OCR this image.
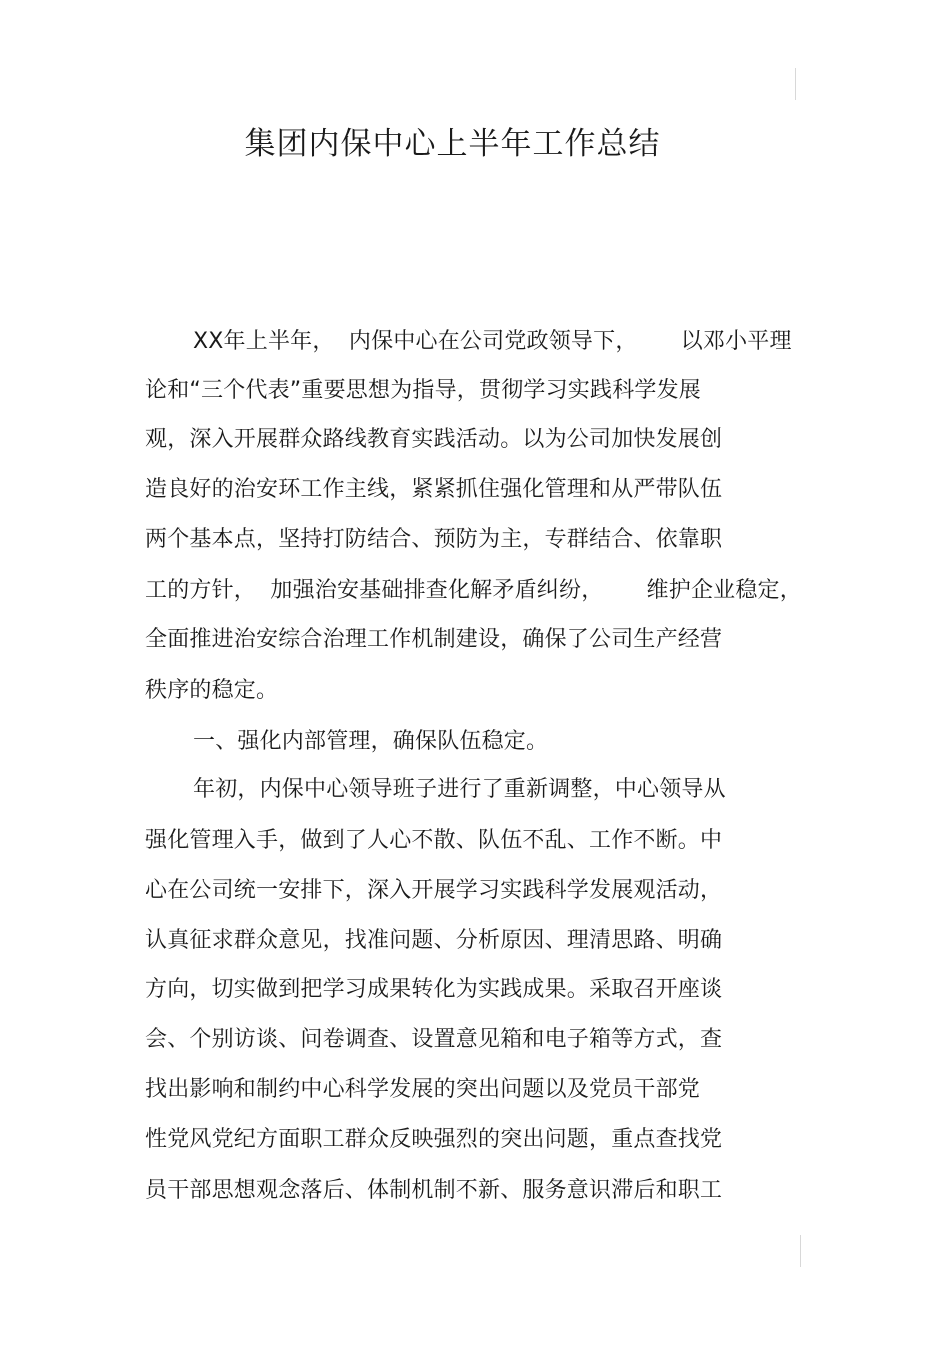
集团内保中心上半年工作总结
XX年上半年，  内保中心在公司党政领导下，      以邓小平理
论和“三个代表”重要思想为指导，贯彻学习实践科学发展
观，深入开展群众路线教育实践活动。以为公司加快发展创
造良好的治安环工作主线，紧紧抓住强化管理和从严带队伍
两个基本点，坚持打防结合、预防为主，专群结合、依靠职
工的方针，  加强治安基础排查化解矛盾纠纷，      维护企业稳定，
全面推进治安综合治理工作机制建设，确保了公司生产经营
秩序的稳定。
一、强化内部管理，确保队伍稳定。
年初，内保中心领导班子进行了重新调整，中心领导从
强化管理入手，做到了人心不散、队伍不乱、工作不断。中
心在公司统一安排下，深入开展学习实践科学发展观活动，
认真征求群众意见，找准问题、分析原因、理清思路、明确
方向，切实做到把学习成果转化为实践成果。采取召开座谈
会、个别访谈、问卷调查、设置意见箱和电子箱等方式，查
找出影响和制约中心科学发展的突出问题以及党员干部党
性党风党纪方面职工群众反映强烈的突出问题，重点查找党
员干部思想观念落后、体制机制不新、服务意识滞后和职工
